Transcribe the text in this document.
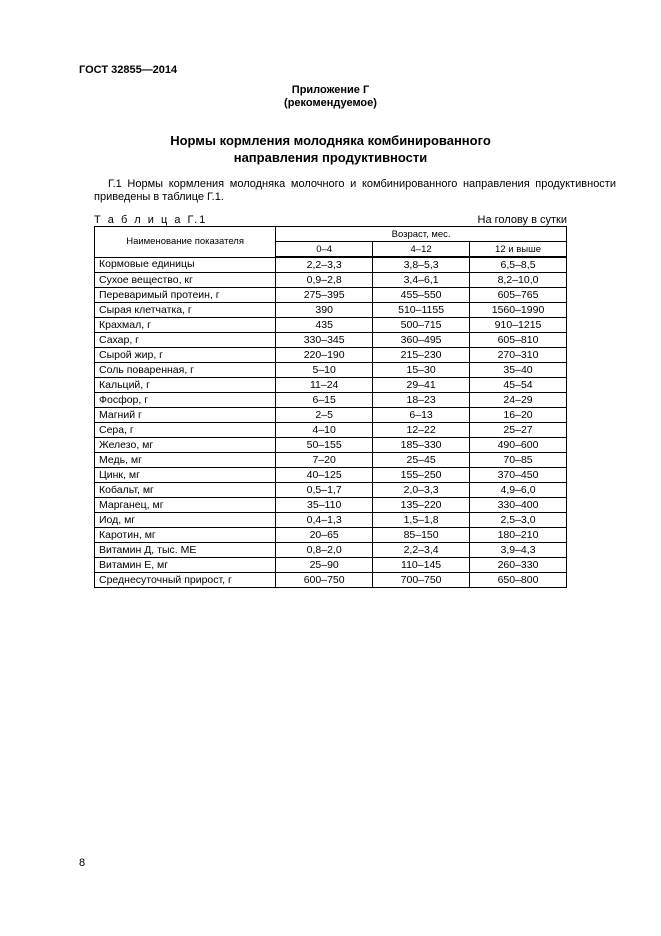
ГОСТ 32855—2014
Приложение Г
(рекомендуемое)
Нормы кормления молодняка комбинированного
направления продуктивности
Г.1 Нормы кормления молодняка молочного и комбинированного направления продуктивности
приведены в таблице Г.1.
Т а б л и ц а Г.1	На голову в сутки
Наименование показателя	Возраст, мес.		
	0–4	4–12	12 и выше
Кормовые единицы	2,2–3,3	3,8–5,3	6,5–8,5
Сухое вещество, кг	0,9–2,8	3,4–6,1	8,2–10,0
Переваримый протеин, г	275–395	455–550	605–765
Сырая клетчатка, г	390	510–1155	1560–1990
Крахмал, г	435	500–715	910–1215
Сахар, г	330–345	360–495	605–810
Сырой жир, г	220–190	215–230	270–310
Соль поваренная, г	5–10	15–30	35–40
Кальций, г	11–24	29–41	45–54
Фосфор, г	6–15	18–23	24–29
Магний г	2–5	6–13	16–20
Сера, г	4–10	12–22	25–27
Железо, мг	50–155	185–330	490–600
Медь, мг	7–20	25–45	70–85
Цинк, мг	40–125	155–250	370–450
Кобальт, мг	0,5–1,7	2,0–3,3	4,9–6,0
Марганец, мг	35–110	135–220	330–400
Иод, мг	0,4–1,3	1,5–1,8	2,5–3,0
Каротин, мг	20–65	85–150	180–210
Витамин Д, тыс. МЕ	0,8–2,0	2,2–3,4	3,9–4,3
Витамин Е, мг	25–90	110–145	260–330
Среднесуточный прирост, г	600–750	700–750	650–800
8
